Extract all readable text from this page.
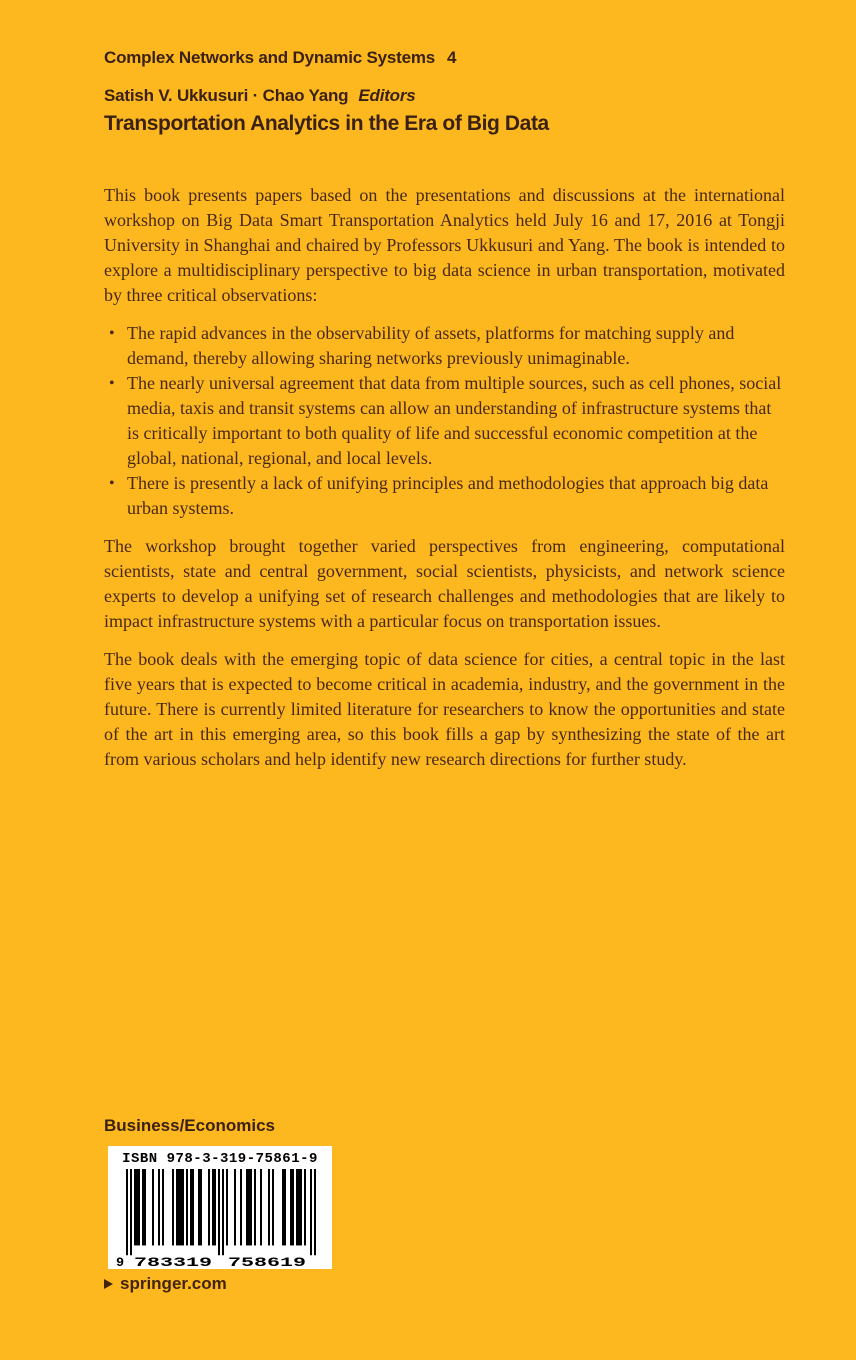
Complex Networks and Dynamic Systems 4
Satish V. Ukkusuri · Chao Yang Editors
Transportation Analytics in the Era of Big Data

This book presents papers based on the presentations and discussions at the international workshop on Big Data Smart Transportation Analytics held July 16 and 17, 2016 at Tongji University in Shanghai and chaired by Professors Ukkusuri and Yang. The book is intended to explore a multidisciplinary perspective to big data science in urban transportation, motivated by three critical observations:

• The rapid advances in the observability of assets, platforms for matching supply and demand, thereby allowing sharing networks previously unimaginable.
• The nearly universal agreement that data from multiple sources, such as cell phones, social media, taxis and transit systems can allow an understanding of infrastructure systems that is critically important to both quality of life and successful economic competition at the global, national, regional, and local levels.
• There is presently a lack of unifying principles and methodologies that approach big data urban systems.

The workshop brought together varied perspectives from engineering, computational scientists, state and central government, social scientists, physicists, and network science experts to develop a unifying set of research challenges and methodologies that are likely to impact infrastructure systems with a particular focus on transportation issues.

The book deals with the emerging topic of data science for cities, a central topic in the last five years that is expected to become critical in academia, industry, and the government in the future. There is currently limited literature for researchers to know the opportunities and state of the art in this emerging area, so this book fills a gap by synthesizing the state of the art from various scholars and help identify new research directions for further study.

Business/Economics
ISBN 978-3-319-75861-9
9 783319 758619
springer.com
